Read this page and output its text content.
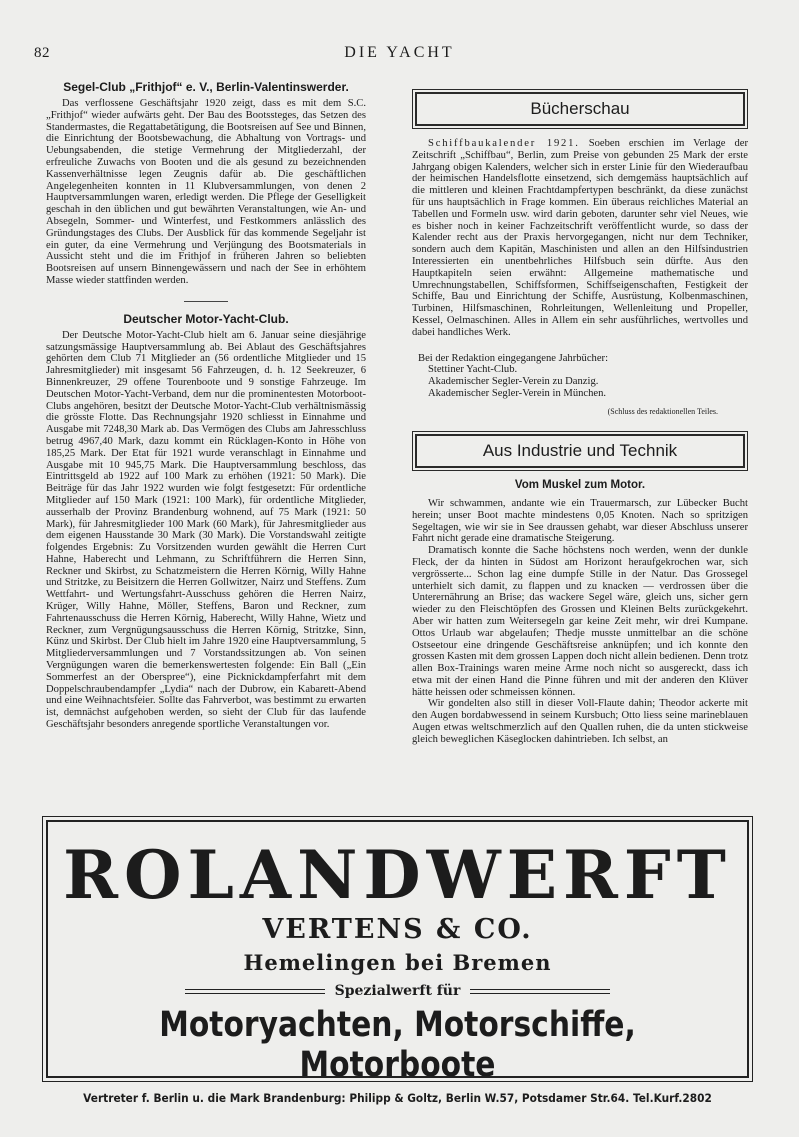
82	DIE YACHT
Segel-Club „Frithjof“ e. V., Berlin-Valentinswerder.

Das verflossene Geschäftsjahr 1920 zeigt, dass es mit dem S.C. „Frithjof“ wieder aufwärts geht. Der Bau des Bootssteges, das Setzen des Standermastes, die Regattabetätigung, die Bootsreisen auf See und Binnen, die Einrichtung der Bootsbewachung, die Abhaltung von Vortrags- und Uebungsabenden, die stetige Vermehrung der Mitgliederzahl, der erfreuliche Zuwachs von Booten und die als gesund zu bezeichnenden Kassenverhältnisse legen Zeugnis dafür ab. Die geschäftlichen Angelegenheiten konnten in 11 Klubversammlungen, von denen 2 Hauptversammlungen waren, erledigt werden. Die Pflege der Geselligkeit geschah in den üblichen und gut bewährten Veranstaltungen, wie An- und Absegeln, Sommer- und Winterfest, und Festkommers anlässlich des Gründungstages des Clubs. Der Ausblick für das kommende Segeljahr ist ein guter, da eine Vermehrung und Verjüngung des Bootsmaterials in Aussicht steht und die im Frithjof in früheren Jahren so beliebten Bootsreisen auf unsern Binnengewässern und nach der See in erhöhtem Masse wieder stattfinden werden.

Deutscher Motor-Yacht-Club.

Der Deutsche Motor-Yacht-Club hielt am 6. Januar seine diesjährige satzungsmässige Hauptversammlung ab. Bei Ablaut des Geschäftsjahres gehörten dem Club 71 Mitglieder an (56 ordentliche Mitglieder und 15 Jahresmitglieder) mit insgesamt 56 Fahrzeugen, d. h. 12 Seekreuzer, 6 Binnenkreuzer, 29 offene Tourenboote und 9 sonstige Fahrzeuge. Im Deutschen Motor-Yacht-Verband, dem nur die prominentesten Motorboot-Clubs angehören, besitzt der Deutsche Motor-Yacht-Club verhältnismässig die grösste Flotte. Das Rechnungsjahr 1920 schliesst in Einnahme und Ausgabe mit 7248,30 Mark ab. Das Vermögen des Clubs am Jahresschluss betrug 4967,40 Mark, dazu kommt ein Rücklagen-Konto in Höhe von 185,25 Mark. Der Etat für 1921 wurde veranschlagt in Einnahme und Ausgabe mit 10 945,75 Mark. Die Hauptversammlung beschloss, das Eintrittsgeld ab 1922 auf 100 Mark zu erhöhen (1921: 50 Mark). Die Beiträge für das Jahr 1922 wurden wie folgt festgesetzt: Für ordentliche Mitglieder auf 150 Mark (1921: 100 Mark), für ordentliche Mitglieder, ausserhalb der Provinz Brandenburg wohnend, auf 75 Mark (1921: 50 Mark), für Jahresmitglieder 100 Mark (60 Mark), für Jahresmitglieder aus dem eigenen Hausstande 30 Mark (30 Mark). Die Vorstandswahl zeitigte folgendes Ergebnis: Zu Vorsitzenden wurden gewählt die Herren Curt Hahne, Haberecht und Lehmann, zu Schriftführern die Herren Sinn, Reckner und Skirbst, zu Schatzmeistern die Herren Körnig, Willy Hahne und Stritzke, zu Beisitzern die Herren Gollwitzer, Nairz und Steffens. Zum Wettfahrt- und Wertungsfahrt-Ausschuss gehören die Herren Nairz, Krüger, Willy Hahne, Möller, Steffens, Baron und Reckner, zum Fahrtenausschuss die Herren Körnig, Haberecht, Willy Hahne, Wietz und Reckner, zum Vergnügungsausschuss die Herren Körnig, Stritzke, Sinn, Künz und Skirbst. Der Club hielt im Jahre 1920 eine Hauptversammlung, 5 Mitgliederversammlungen und 7 Vorstandssitzungen ab. Von seinen Vergnügungen waren die bemerkenswertesten folgende: Ein Ball („Ein Sommerfest an der Oberspree“), eine Picknickdampferfahrt mit dem Doppelschraubendampfer „Lydia“ nach der Dubrow, ein Kabarett-Abend und eine Weihnachtsfeier. Sollte das Fahrverbot, was bestimmt zu erwarten ist, demnächst aufgehoben werden, so sieht der Club für das laufende Geschäftsjahr besonders anregende sportliche Veranstaltungen vor.

Bücherschau

Schiffbaukalender 1921. Soeben erschien im Verlage der Zeitschrift „Schiffbau“, Berlin, zum Preise von gebunden 25 Mark der erste Jahrgang obigen Kalenders, welcher sich in erster Linie für den Wiederaufbau der heimischen Handelsflotte einsetzend, sich demgemäss hauptsächlich auf die mittleren und kleinen Frachtdampfertypen beschränkt, da diese zunächst für uns hauptsächlich in Frage kommen. Ein überaus reichliches Material an Tabellen und Formeln usw. wird darin geboten, darunter sehr viel Neues, wie es bisher noch in keiner Fachzeitschrift veröffentlicht wurde, so dass der Kalender recht aus der Praxis hervorgegangen, nicht nur dem Techniker, sondern auch dem Kapitän, Maschinisten und allen an den Hilfsindustrien Interessierten ein unentbehrliches Hilfsbuch sein dürfte. Aus den Hauptkapiteln seien erwähnt: Allgemeine mathematische und Umrechnungstabellen, Schiffsformen, Schiffseigenschaften, Festigkeit der Schiffe, Bau und Einrichtung der Schiffe, Ausrüstung, Kolbenmaschinen, Turbinen, Hilfsmaschinen, Rohrleitungen, Wellenleitung und Propeller, Kessel, Oelmaschinen. Alles in Allem ein sehr ausführliches, wertvolles und dabei handliches Werk.

Bei der Redaktion eingegangene Jahrbücher:

Stettiner Yacht-Club.
Akademischer Segler-Verein zu Danzig.
Akademischer Segler-Verein in München.
(Schluss des redaktionellen Teiles.
Aus Industrie und Technik
Vom Muskel zum Motor.

Wir schwammen, andante wie ein Trauermarsch, zur Lübecker Bucht herein; unser Boot machte mindestens 0,05 Knoten. Nach so spritzigen Segeltagen, wie wir sie in See draussen gehabt, war dieser Abschluss unserer Fahrt nicht gerade eine dramatische Steigerung.

Dramatisch konnte die Sache höchstens noch werden, wenn der dunkle Fleck, der da hinten in Südost am Horizont heraufgekrochen war, sich vergrösserte... Schon lag eine dumpfe Stille in der Natur. Das Grossegel unterhielt sich damit, zu flappen und zu knacken — verdrossen über die Unterernährung an Brise; das wackere Segel wäre, gleich uns, sicher gern wieder zu den Fleischtöpfen des Grossen und Kleinen Belts zurückgekehrt. Aber wir hatten zum Weitersegeln gar keine Zeit mehr, wir drei Kumpane. Ottos Urlaub war abgelaufen; Thedje musste unmittelbar an die schöne Ostseetour eine dringende Geschäftsreise anknüpfen; und ich konnte den grossen Kasten mit dem grossen Lappen doch nicht allein bedienen. Denn trotz allen Box-Trainings waren meine Arme noch nicht so ausgereckt, dass ich etwa mit der einen Hand die Pinne führen und mit der anderen den Klüver hätte heissen oder schmeissen können.

Wir gondelten also still in dieser Voll-Flaute dahin; Theodor ackerte mit den Augen bordabwessend in seinem Kursbuch; Otto liess seine marineblauen Augen etwas weltschmerzlich auf den Quallen ruhen, die da unten stickweise gleich beweglichen Käseglocken dahintrieben. Ich selbst, an

ROLANDWERFT
VERTENS & CO.
Hemelingen bei Bremen
Spezialwerft für
Motoryachten, Motorschiffe, Motorboote
Vertreter f. Berlin u. die Mark Brandenburg: Philipp & Goltz, Berlin W.57, Potsdamer Str.64. Tel.Kurf.2802
